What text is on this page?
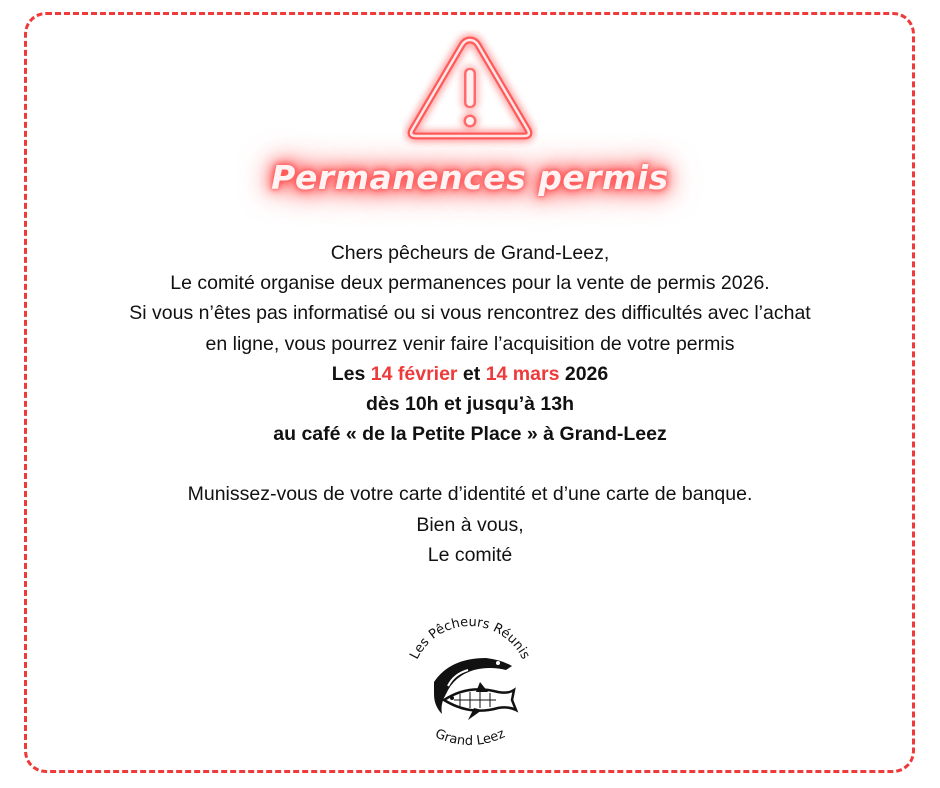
Permanences permis
Chers pêcheurs de Grand-Leez,
Le comité organise deux permanences pour la vente de permis 2026.
Si vous n’êtes pas informatisé ou si vous rencontrez des difficultés avec l’achat
en ligne, vous pourrez venir faire l’acquisition de votre permis
Les 14 février et 14 mars 2026
dès 10h et jusqu’à 13h
au café « de la Petite Place » à Grand-Leez
Munissez-vous de votre carte d’identité et d’une carte de banque.
Bien à vous,
Le comité
Les Pêcheurs Réunis
Grand Leez
